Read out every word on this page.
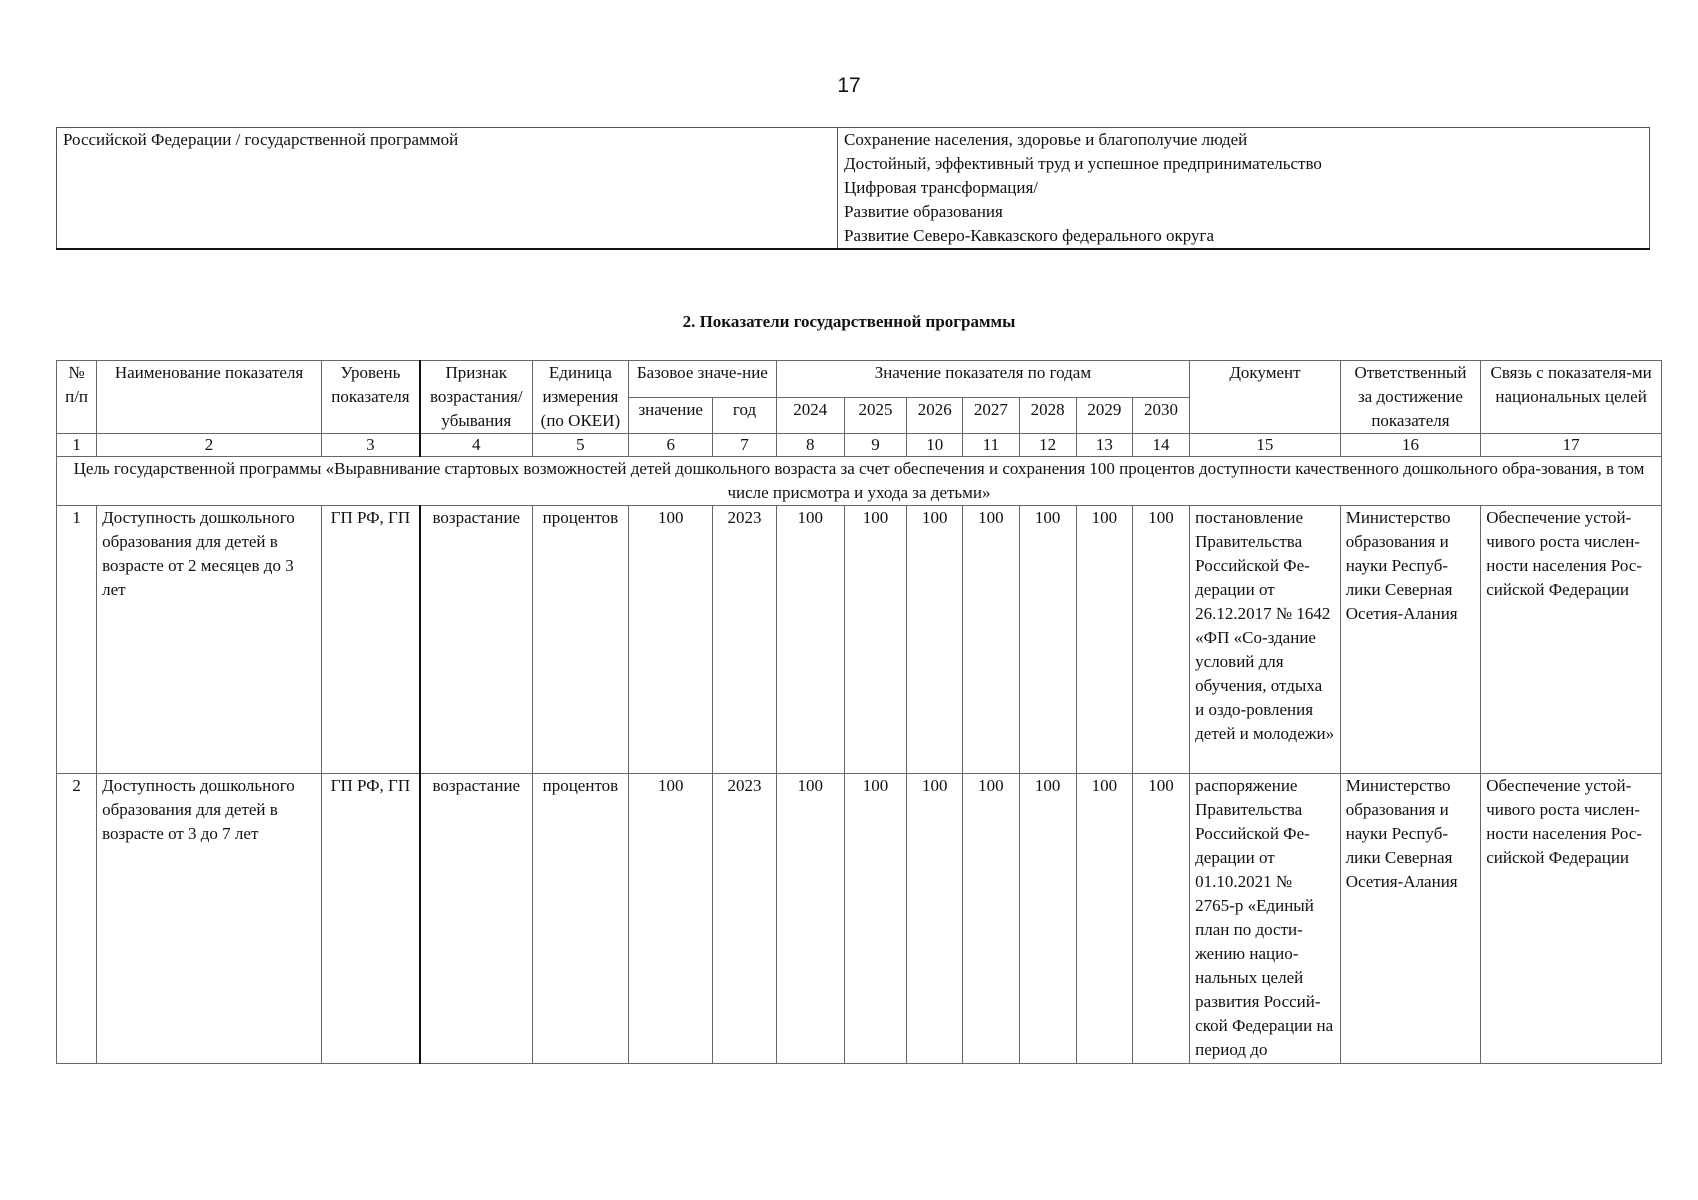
17
Российской Федерации / государственной программой	Сохранение населения, здоровье и благополучие людей
Достойный, эффективный труд и успешное предпринимательство
Цифровая трансформация/
Развитие образования
Развитие Северо-Кавказского федерального округа
2. Показатели государственной программы
№ п/п	Наименование показателя	Уровень показателя	Признак возрастания/ убывания	Единица измерения (по ОКЕИ)	Базовое значе-ние		Значение показателя по годам							Документ	Ответственный за достижение показателя	Связь с показателя-ми национальных целей
					значение	год	2024	2025	2026	2027	2028	2029	2030			
1	2	3	4	5	6	7	8	9	10	11	12	13	14	15	16	17
Цель государственной программы «Выравнивание стартовых возможностей детей дошкольного возраста за счет обеспечения и сохранения 100 процентов доступности качественного дошкольного обра-зования, в том числе присмотра и ухода за детьми»																
1	Доступность дошкольного образования для детей в возрасте от 2 месяцев до 3 лет	ГП РФ, ГП	возрастание	процентов	100	2023	100	100	100	100	100	100	100	постановление Правительства Российской Фе-дерации от 26.12.2017 № 1642 «ФП «Со-здание условий для обучения, отдыха и оздо-ровления детей и молодежи»	Министерство образования и науки Респуб-лики Северная Осетия-Алания	Обеспечение устой-чивого роста числен-ности населения Рос-сийской Федерации
2	Доступность дошкольного образования для детей в возрасте от 3 до 7 лет	ГП РФ, ГП	возрастание	процентов	100	2023	100	100	100	100	100	100	100	распоряжение Правительства Российской Фе-дерации от 01.10.2021 № 2765-р «Единый план по дости-жению нацио-нальных целей развития Россий-ской Федерации на период до	Министерство образования и науки Респуб-лики Северная Осетия-Алания	Обеспечение устой-чивого роста числен-ности населения Рос-сийской Федерации
